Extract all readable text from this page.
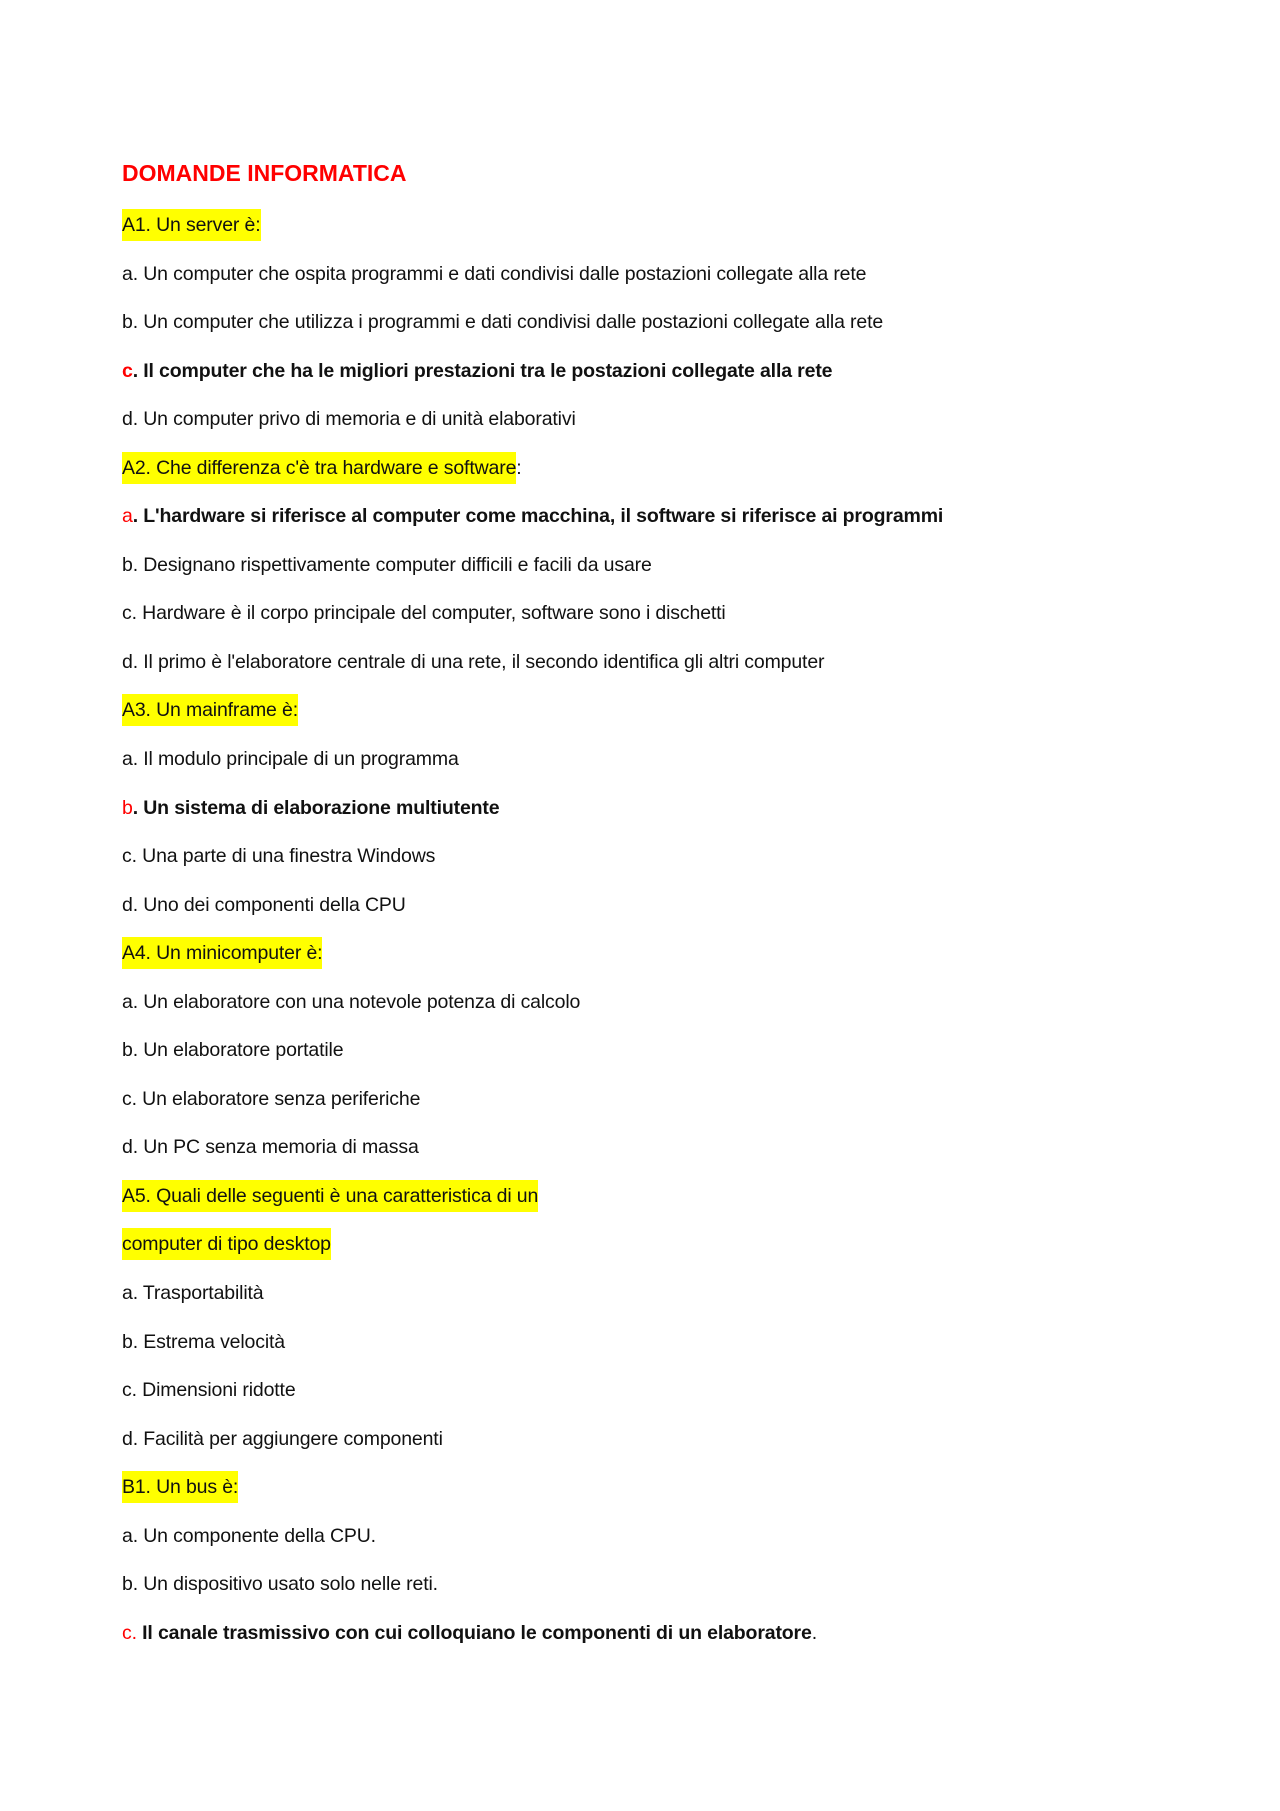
DOMANDE INFORMATICA
A1. Un server è:
a. Un computer che ospita programmi e dati condivisi dalle postazioni collegate alla rete
b. Un computer che utilizza i programmi e dati condivisi dalle postazioni collegate alla rete
c. Il computer che ha le migliori prestazioni tra le postazioni collegate alla rete
d. Un computer privo di memoria e di unità elaborativi
A2. Che differenza c'è tra hardware e software:
a. L'hardware si riferisce al computer come macchina, il software si riferisce ai programmi
b. Designano rispettivamente computer difficili e facili da usare
c. Hardware è il corpo principale del computer, software sono i dischetti
d. Il primo è l'elaboratore centrale di una rete, il secondo identifica gli altri computer
A3. Un mainframe è:
a. Il modulo principale di un programma
b. Un sistema di elaborazione multiutente
c. Una parte di una finestra Windows
d. Uno dei componenti della CPU
A4. Un minicomputer è:
a. Un elaboratore con una notevole potenza di calcolo
b. Un elaboratore portatile
c. Un elaboratore senza periferiche
d. Un PC senza memoria di massa
A5. Quali delle seguenti è una caratteristica di un
computer di tipo desktop
a. Trasportabilità
b. Estrema velocità
c. Dimensioni ridotte
d. Facilità per aggiungere componenti
B1. Un bus è:
a. Un componente della CPU.
b. Un dispositivo usato solo nelle reti.
c. Il canale trasmissivo con cui colloquiano le componenti di un elaboratore.
